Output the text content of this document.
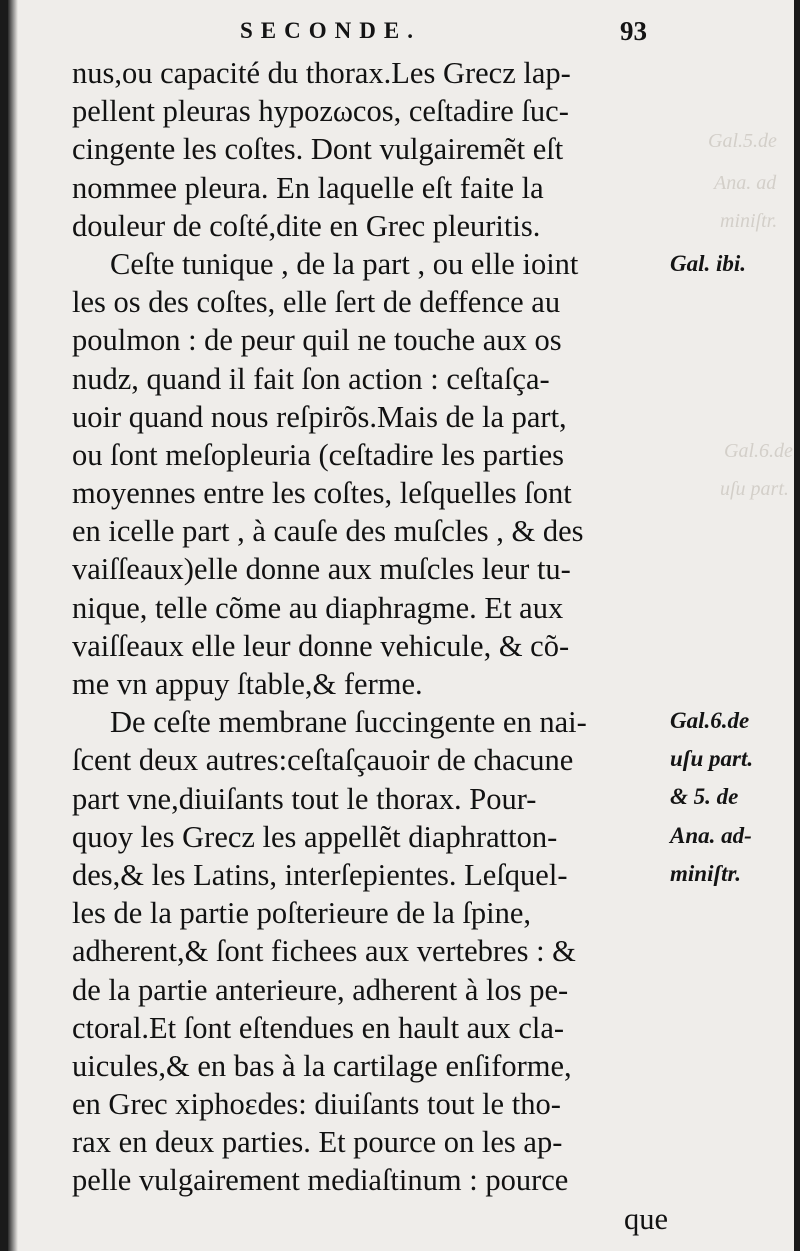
Gal.5.de
Ana. ad
miniſtr.
Gal.6.de
uſu part.
SECONDE.	93
nus,ou capacité du thorax.Les Grecz lap-
pellent pleuras hypozωcos, ceſtadire ſuc-
cingente les coſtes. Dont vulgairemẽt eſt
nommee pleura. En laquelle eſt faite la
douleur de coſté,dite en Grec pleuritis.
Ceſte tunique , de la part , ou elle ioint
les os des coſtes, elle ſert de deffence au
poulmon : de peur quil ne touche aux os
nudz, quand il fait ſon action : ceſtaſça-
uoir quand nous reſpirõs.Mais de la part,
ou ſont meſopleuria (ceſtadire les parties
moyennes entre les coſtes, leſquelles ſont
en icelle part , à cauſe des muſcles , & des
vaiſſeaux)elle donne aux muſcles leur tu-
nique, telle cõme au diaphragme. Et aux
vaiſſeaux elle leur donne vehicule, & cõ-
me vn appuy ſtable,& ferme.
De ceſte membrane ſuccingente en nai-
ſcent deux autres:ceſtaſçauoir de chacune
part vne,diuiſants tout le thorax. Pour-
quoy les Grecz les appellẽt diaphratton-
des,& les Latins, interſepientes. Leſquel-
les de la partie poſterieure de la ſpine,
adherent,& ſont fichees aux vertebres : &
de la partie anterieure, adherent à los pe-
ctoral.Et ſont eſtendues en hault aux cla-
uicules,& en bas à la cartilage enſiforme,
en Grec xiphoεdes: diuiſants tout le tho-
rax en deux parties. Et pource on les ap-
pelle vulgairement mediaſtinum : pource
que
Gal. ibi.
Gal.6.de
uſu part.
& 5. de
Ana. ad-
miniſtr.
